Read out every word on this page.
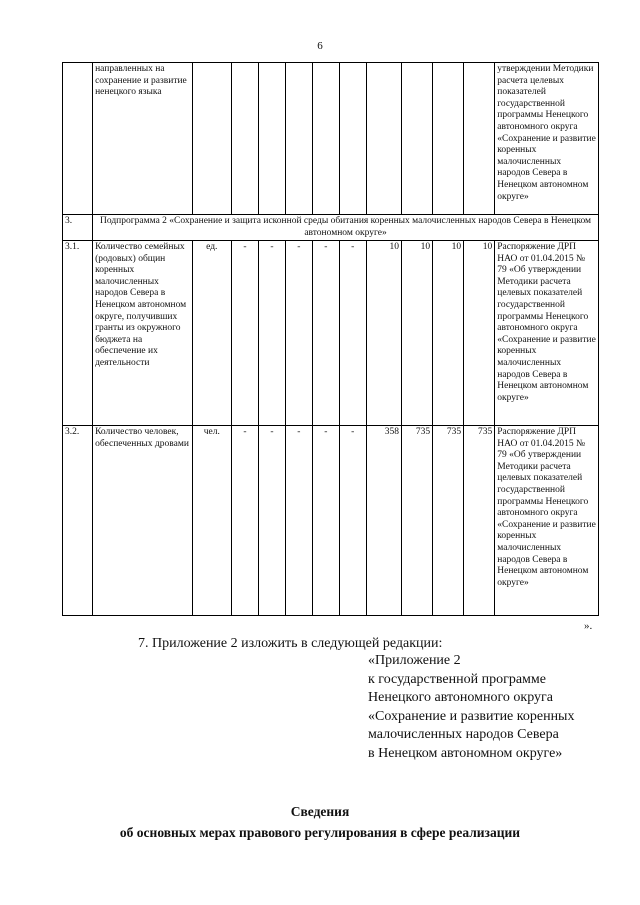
6
	направленных на сохранение и развитие ненецкого языка											утверждении Методики расчета целевых показателей государственной программы Ненецкого автономного округа «Сохранение и развитие коренных малочисленных народов Севера в Ненецком автономном округе»
3.	Подпрограмма 2 «Сохранение и защита исконной среды обитания коренных малочисленных народов Севера в Ненецком автономном округе»											
3.1.	Количество семейных (родовых) общин коренных малочисленных народов Севера в Ненецком автономном округе, получивших гранты из окружного бюджета на обеспечение их деятельности	ед.	-	-	-	-	-	10	10	10	10	Распоряжение ДРП НАО от 01.04.2015 № 79 «Об утверждении Методики расчета целевых показателей государственной программы Ненецкого автономного округа «Сохранение и развитие коренных малочисленных народов Севера в Ненецком автономном округе»
3.2.	Количество человек, обеспеченных дровами	чел.	-	-	-	-	-	358	735	735	735	Распоряжение ДРП НАО от 01.04.2015 № 79 «Об утверждении Методики расчета целевых показателей государственной программы Ненецкого автономного округа «Сохранение и развитие коренных малочисленных народов Севера в Ненецком автономном округе»
».
7. Приложение 2 изложить в следующей редакции:
«Приложение 2
к государственной программе
Ненецкого автономного округа
«Сохранение и развитие коренных
малочисленных народов Севера
в Ненецком автономном округе»
Сведения
об основных мерах правового регулирования в сфере реализации
